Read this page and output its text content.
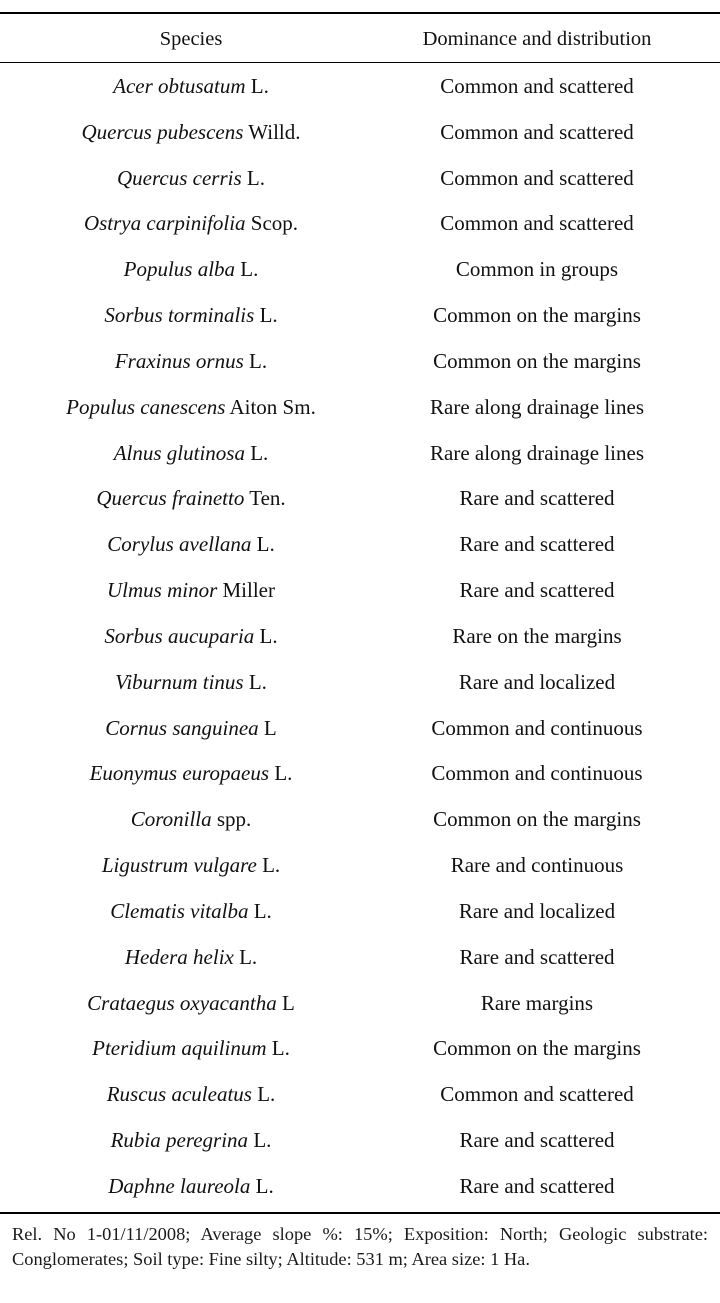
Species	Dominance and distribution
Acer obtusatum L.	Common and scattered
Quercus pubescens Willd.	Common and scattered
Quercus cerris L.	Common and scattered
Ostrya carpinifolia Scop.	Common and scattered
Populus alba L.	Common in groups
Sorbus torminalis L.	Common on the margins
Fraxinus ornus L.	Common on the margins
Populus canescens Aiton Sm.	Rare along drainage lines
Alnus glutinosa L.	Rare along drainage lines
Quercus frainetto Ten.	Rare and scattered
Corylus avellana L.	Rare and scattered
Ulmus minor Miller	Rare and scattered
Sorbus aucuparia L.	Rare on the margins
Viburnum tinus L.	Rare and localized
Cornus sanguinea L	Common and continuous
Euonymus europaeus L.	Common and continuous
Coronilla spp.	Common on the margins
Ligustrum vulgare L.	Rare and continuous
Clematis vitalba L.	Rare and localized
Hedera helix L.	Rare and scattered
Crataegus oxyacantha L	Rare margins
Pteridium aquilinum L.	Common on the margins
Ruscus aculeatus L.	Common and scattered
Rubia peregrina L.	Rare and scattered
Daphne laureola L.	Rare and scattered
Rel. No 1-01/11/2008; Average slope %: 15%; Exposition: North; Geologic substrate: Conglomerates; Soil type: Fine silty; Altitude: 531 m; Area size: 1 Ha.
